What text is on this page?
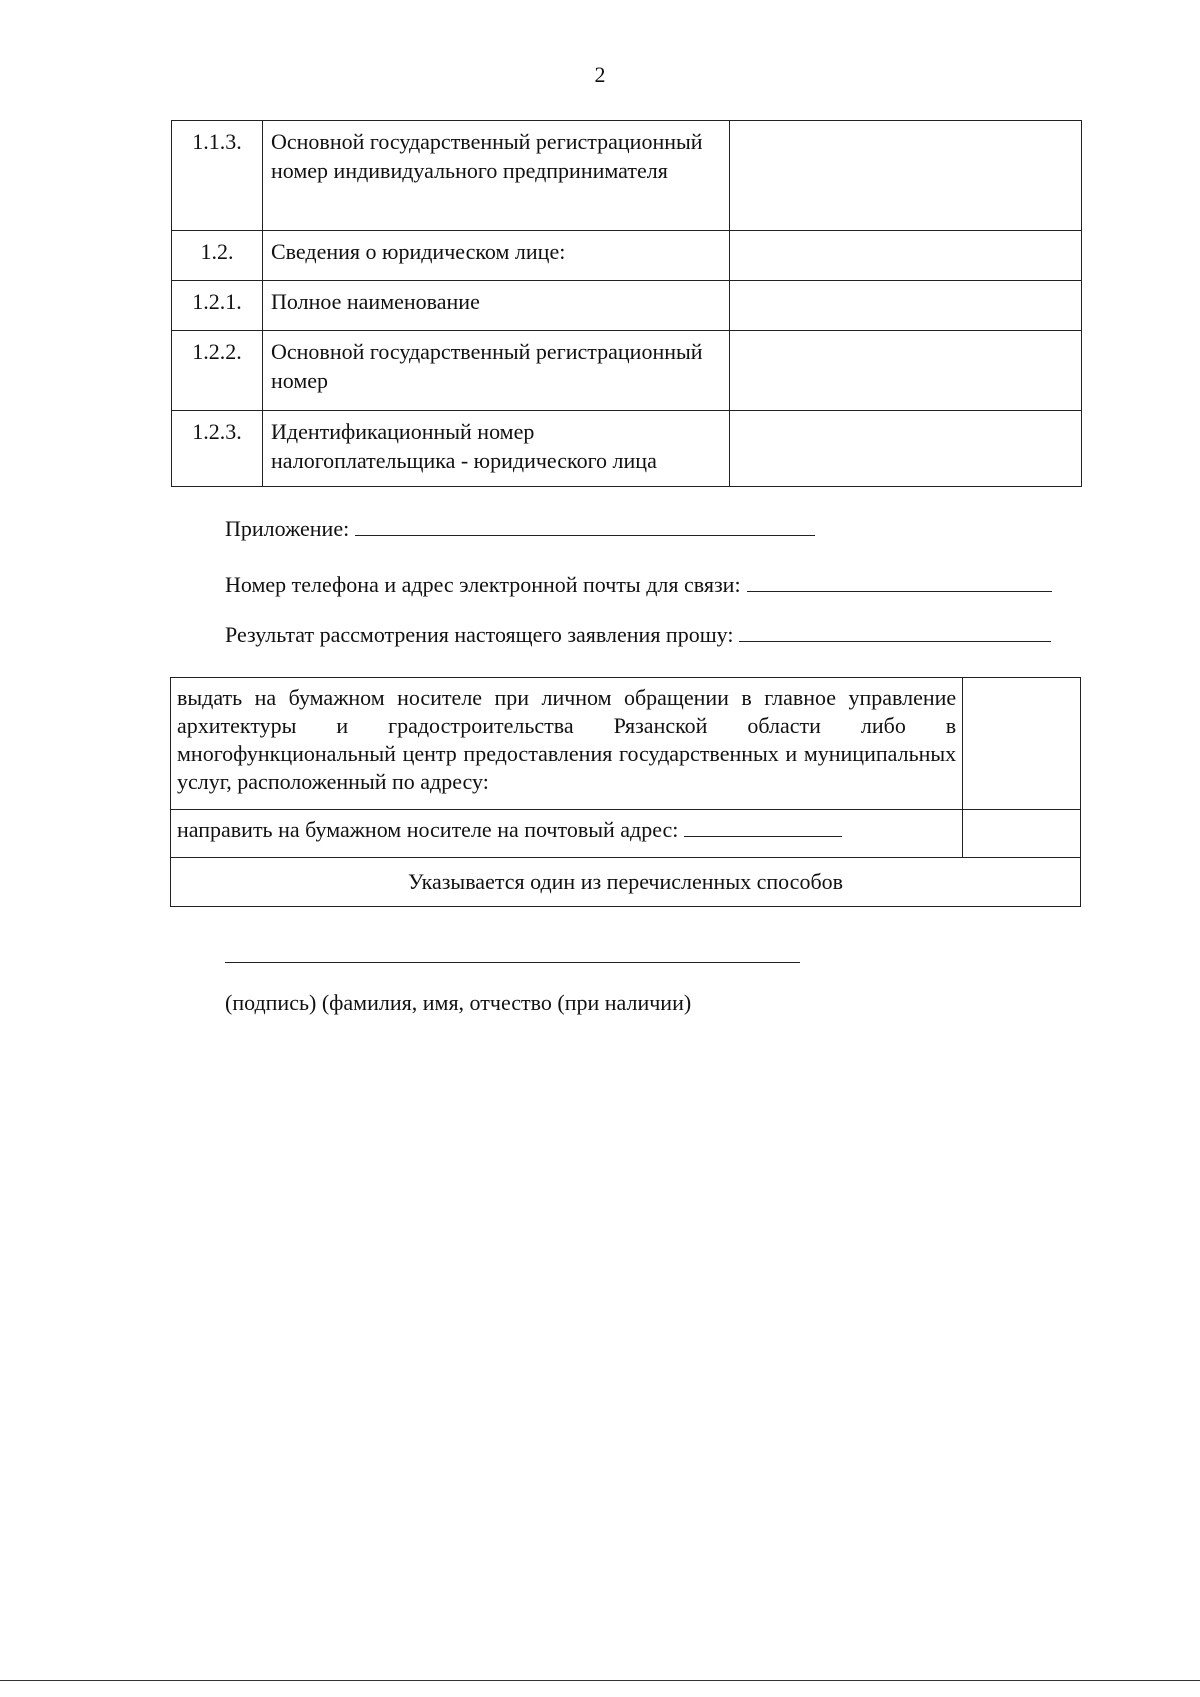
2
1.1.3.	Основной государственный регистрационный номер индивидуального предпринимателя	
1.2.	Сведения о юридическом лице:	
1.2.1.	Полное наименование	
1.2.2.	Основной государственный регистрационный номер	
1.2.3.	Идентификационный номер налогоплательщика - юридического лица	
Приложение:
Номер телефона и адрес электронной почты для связи:
Результат рассмотрения настоящего заявления прошу:
выдать на бумажном носителе при личном обращении в главное управление архитектуры и градостроительства Рязанской области либо в многофункциональный центр предоставления государственных и муниципальных услуг, расположенный по адресу:	
направить на бумажном носителе на почтовый адрес:	
Указывается один из перечисленных способов	
(подпись) (фамилия, имя, отчество (при наличии)
